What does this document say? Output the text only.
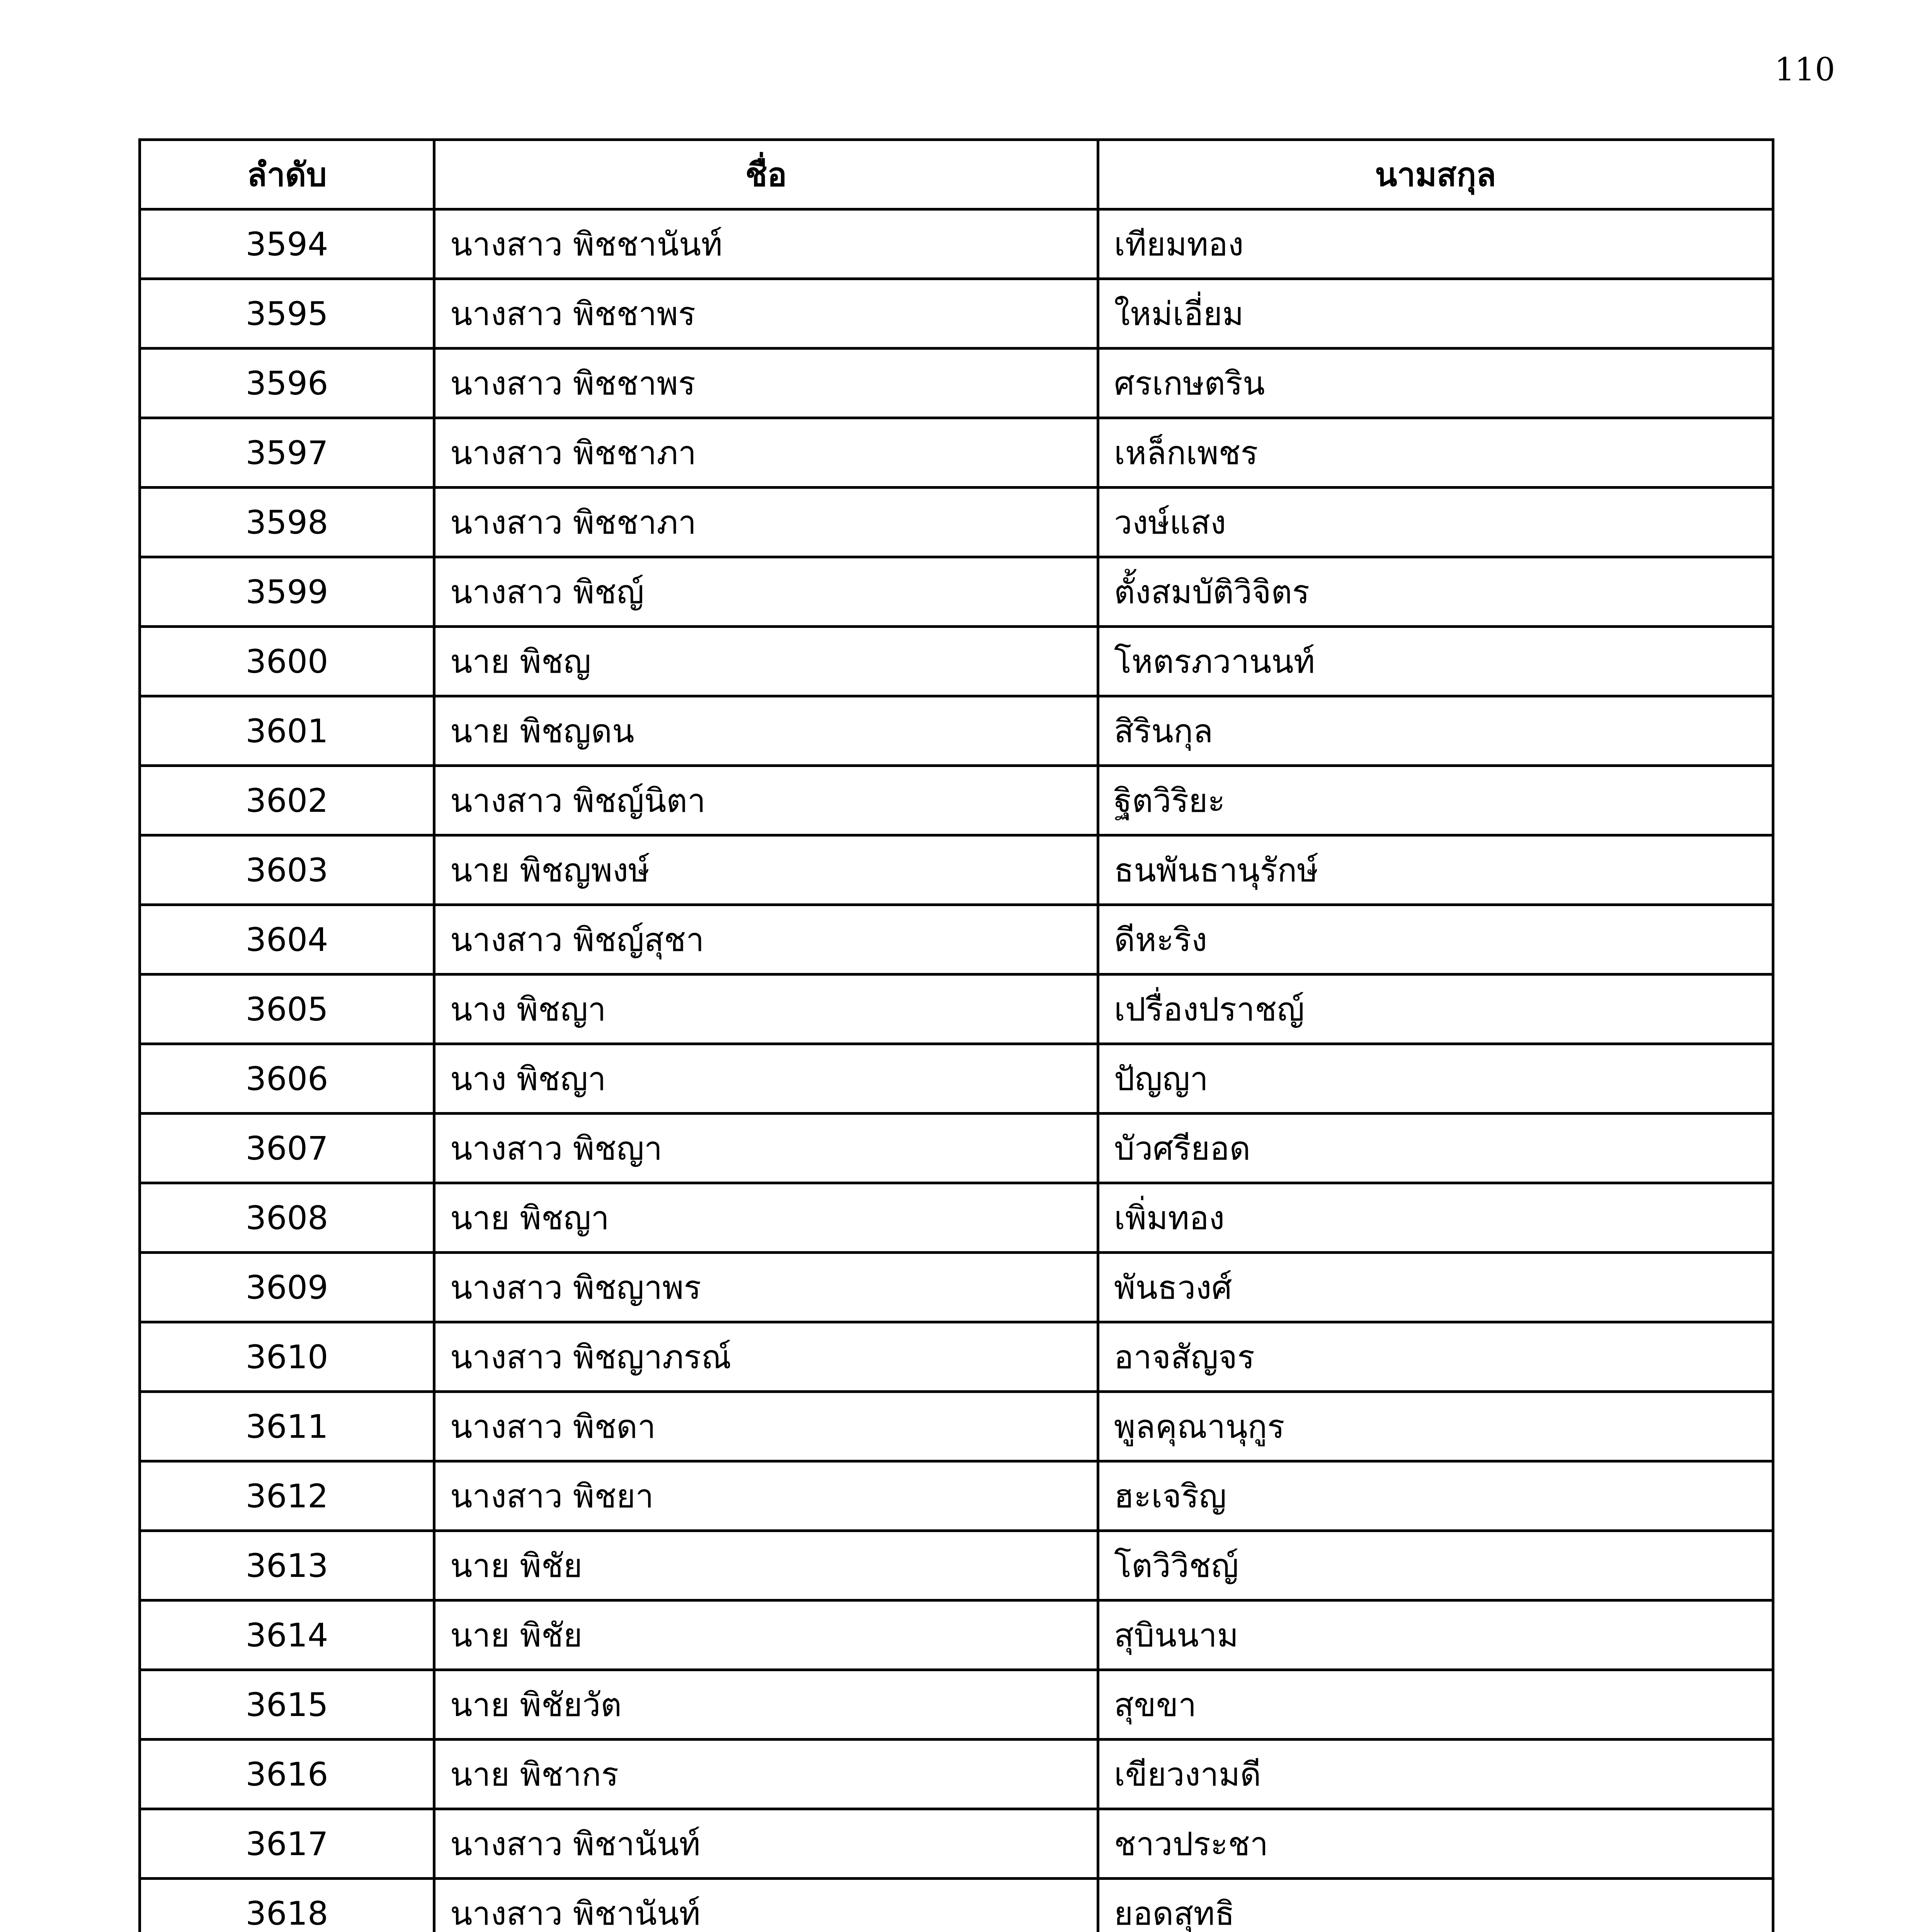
110
ลำดับ	ชื่อ	นามสกุล
3594	นางสาว พิชชานันท์	เทียมทอง
3595	นางสาว พิชชาพร	ใหม่เอี่ยม
3596	นางสาว พิชชาพร	ศรเกษตริน
3597	นางสาว พิชชาภา	เหล็กเพชร
3598	นางสาว พิชชาภา	วงษ์แสง
3599	นางสาว พิชญ์	ตั้งสมบัติวิจิตร
3600	นาย พิชญ	โหตรภวานนท์
3601	นาย พิชญดน	สิรินกุล
3602	นางสาว พิชญ์นิตา	ฐิตวิริยะ
3603	นาย พิชญพงษ์	ธนพันธานุรักษ์
3604	นางสาว พิชญ์สุชา	ดีหะริง
3605	นาง พิชญา	เปรื่องปราชญ์
3606	นาง พิชญา	ปัญญา
3607	นางสาว พิชญา	บัวศรียอด
3608	นาย พิชญา	เพิ่มทอง
3609	นางสาว พิชญาพร	พันธวงศ์
3610	นางสาว พิชญาภรณ์	อาจสัญจร
3611	นางสาว พิชดา	พูลคุณานุกูร
3612	นางสาว พิชยา	ฮะเจริญ
3613	นาย พิชัย	โตวิวิชญ์
3614	นาย พิชัย	สุบินนาม
3615	นาย พิชัยวัต	สุขขา
3616	นาย พิชากร	เขียวงามดี
3617	นางสาว พิชานันท์	ชาวประชา
3618	นางสาว พิชานันท์	ยอดสุทธิ
